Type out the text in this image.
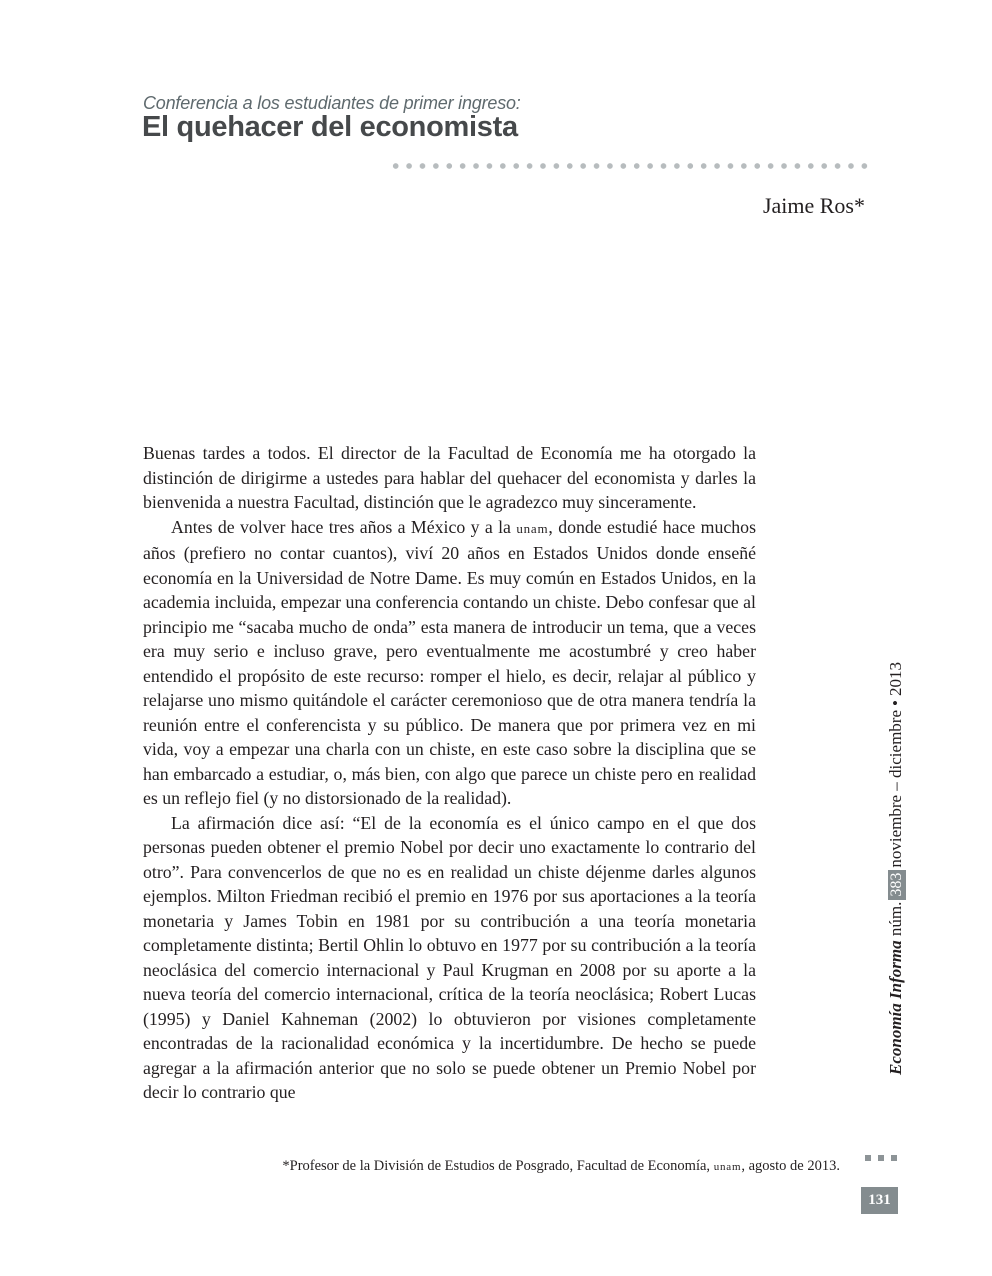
Conferencia a los estudiantes de primer ingreso:
El quehacer del economista
Jaime Ros*

Buenas tardes a todos. El director de la Facultad de Economía me ha otorgado la distinción de dirigirme a ustedes para hablar del quehacer del economista y darles la bienvenida a nuestra Facultad, distinción que le agradezco muy sinceramente.

Antes de volver hace tres años a México y a la unam, donde estudié hace muchos años (prefiero no contar cuantos), viví 20 años en Estados Unidos donde enseñé economía en la Universidad de Notre Dame. Es muy común en Estados Unidos, en la academia incluida, empezar una conferencia contando un chiste. Debo confesar que al principio me “sacaba mucho de onda” esta manera de introducir un tema, que a veces era muy serio e incluso grave, pero eventualmente me acostumbré y creo haber entendido el propósito de este recurso: romper el hielo, es decir, relajar al público y relajarse uno mismo quitándole el carácter ceremonioso que de otra manera tendría la reunión entre el conferencista y su público. De manera que por primera vez en mi vida, voy a empezar una charla con un chiste, en este caso sobre la disciplina que se han embarcado a estudiar, o, más bien, con algo que parece un chiste pero en realidad es un reflejo fiel (y no distorsionado de la realidad).

La afirmación dice así: “El de la economía es el único campo en el que dos personas pueden obtener el premio Nobel por decir uno exactamente lo contrario del otro”. Para convencerlos de que no es en realidad un chiste déjenme darles algunos ejemplos. Milton Friedman recibió el premio en 1976 por sus aportaciones a la teoría monetaria y James Tobin en 1981 por su contribución a una teoría monetaria completamente distinta; Bertil Ohlin lo obtuvo en 1977 por su contribución a la teoría neoclásica del comercio internacional y Paul Krugman en 2008 por su aporte a la nueva teoría del comercio internacional, crítica de la teoría neoclásica; Robert Lucas (1995) y Daniel Kahneman (2002) lo obtuvieron por visiones completamente encontradas de la racionalidad económica y la incertidumbre. De hecho se puede agregar a la afirmación anterior que no solo se puede obtener un Premio Nobel por decir lo contrario que

Economía Informa núm.383noviembre – diciembre•2013
*Profesor de la División de Estudios de Posgrado, Facultad de Economía, unam, agosto de 2013.
131
